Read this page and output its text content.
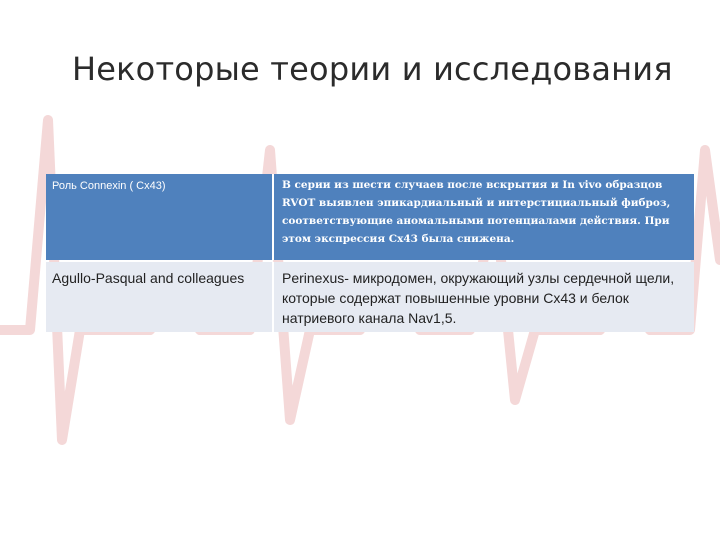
Некоторые теории и исследования
Роль Connexin ( Cx43)	В серии из шести случаев после вскрытия и In vivo образцов RVOT выявлен эпикардиальный и интерстициальный фиброз, соответствующие аномальными потенциалами действия. При этом экспрессия Cx43 была снижена.
Agullo-Pasqual and colleagues	Perinexus- микродомен, окружающий узлы сердечной щели, которые содержат повышенные уровни Сх43 и белок натриевого канала Nav1,5.
